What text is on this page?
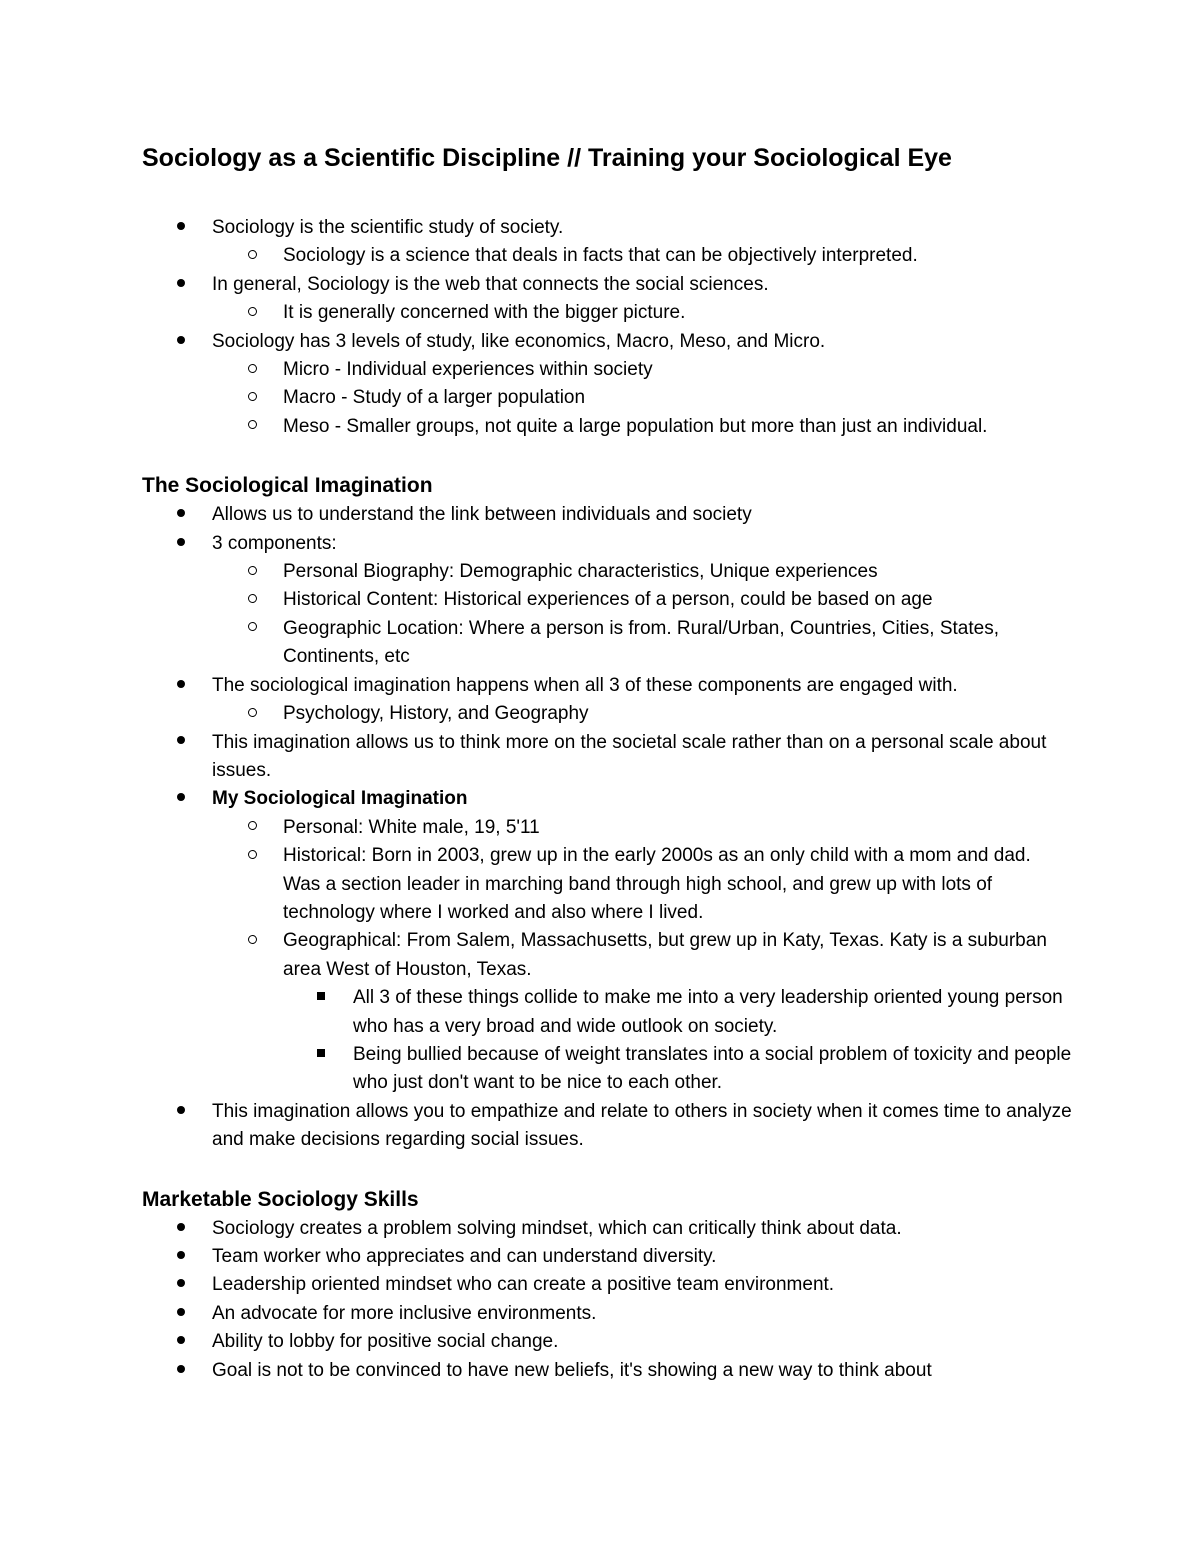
Sociology as a Scientific Discipline // Training your Sociological Eye
Sociology is the scientific study of society.
Sociology is a science that deals in facts that can be objectively interpreted.
In general, Sociology is the web that connects the social sciences.
It is generally concerned with the bigger picture.
Sociology has 3 levels of study, like economics, Macro, Meso, and Micro.
Micro - Individual experiences within society
Macro - Study of a larger population
Meso - Smaller groups, not quite a large population but more than just an individual.
The Sociological Imagination
Allows us to understand the link between individuals and society
3 components:
Personal Biography: Demographic characteristics, Unique experiences
Historical Content: Historical experiences of a person, could be based on age
Geographic Location: Where a person is from. Rural/Urban, Countries, Cities, States, Continents, etc
The sociological imagination happens when all 3 of these components are engaged with.
Psychology, History, and Geography
This imagination allows us to think more on the societal scale rather than on a personal scale about issues.
My Sociological Imagination
Personal: White male, 19, 5'11
Historical: Born in 2003, grew up in the early 2000s as an only child with a mom and dad. Was a section leader in marching band through high school, and grew up with lots of technology where I worked and also where I lived.
Geographical: From Salem, Massachusetts, but grew up in Katy, Texas. Katy is a suburban area West of Houston, Texas.
All 3 of these things collide to make me into a very leadership oriented young person who has a very broad and wide outlook on society.
Being bullied because of weight translates into a social problem of toxicity and people who just don't want to be nice to each other.
This imagination allows you to empathize and relate to others in society when it comes time to analyze and make decisions regarding social issues.
Marketable Sociology Skills
Sociology creates a problem solving mindset, which can critically think about data.
Team worker who appreciates and can understand diversity.
Leadership oriented mindset who can create a positive team environment.
An advocate for more inclusive environments.
Ability to lobby for positive social change.
Goal is not to be convinced to have new beliefs, it's showing a new way to think about
